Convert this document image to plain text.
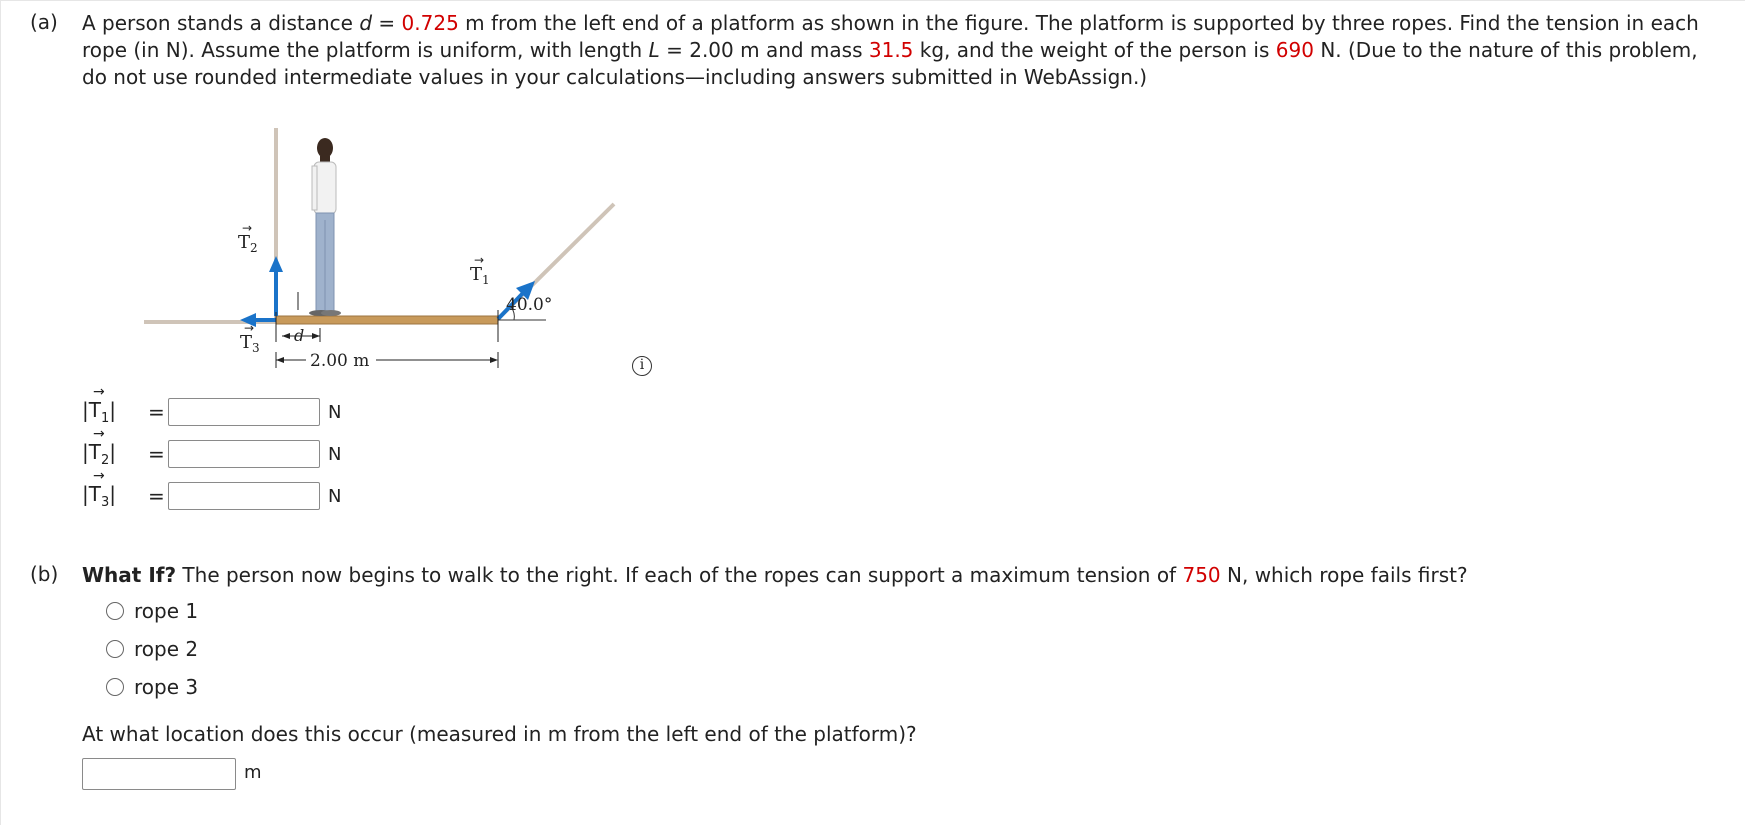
(a) A person stands a distance d = 0.725 m from the left end of a platform as shown in the figure. The platform is supported by three ropes. Find the tension in each rope (in N). Assume the platform is uniform, with length L = 2.00 m and mass 31.5 kg, and the weight of the person is 690 N. (Due to the nature of this problem, do not use rounded intermediate values in your calculations—including answers submitted in WebAssign.)
$T_2$
→
$T_3$
→
$T_1$
→
d
2.00 m
40.0°
i
→
$|T_1|$	=	N
→
$|T_2|$	=	N
→
$|T_3|$	=	N
(b) What If? The person now begins to walk to the right. If each of the ropes can support a maximum tension of 750 N, which rope fails first?
rope 1
rope 2
rope 3
At what location does this occur (measured in m from the left end of the platform)?
m
